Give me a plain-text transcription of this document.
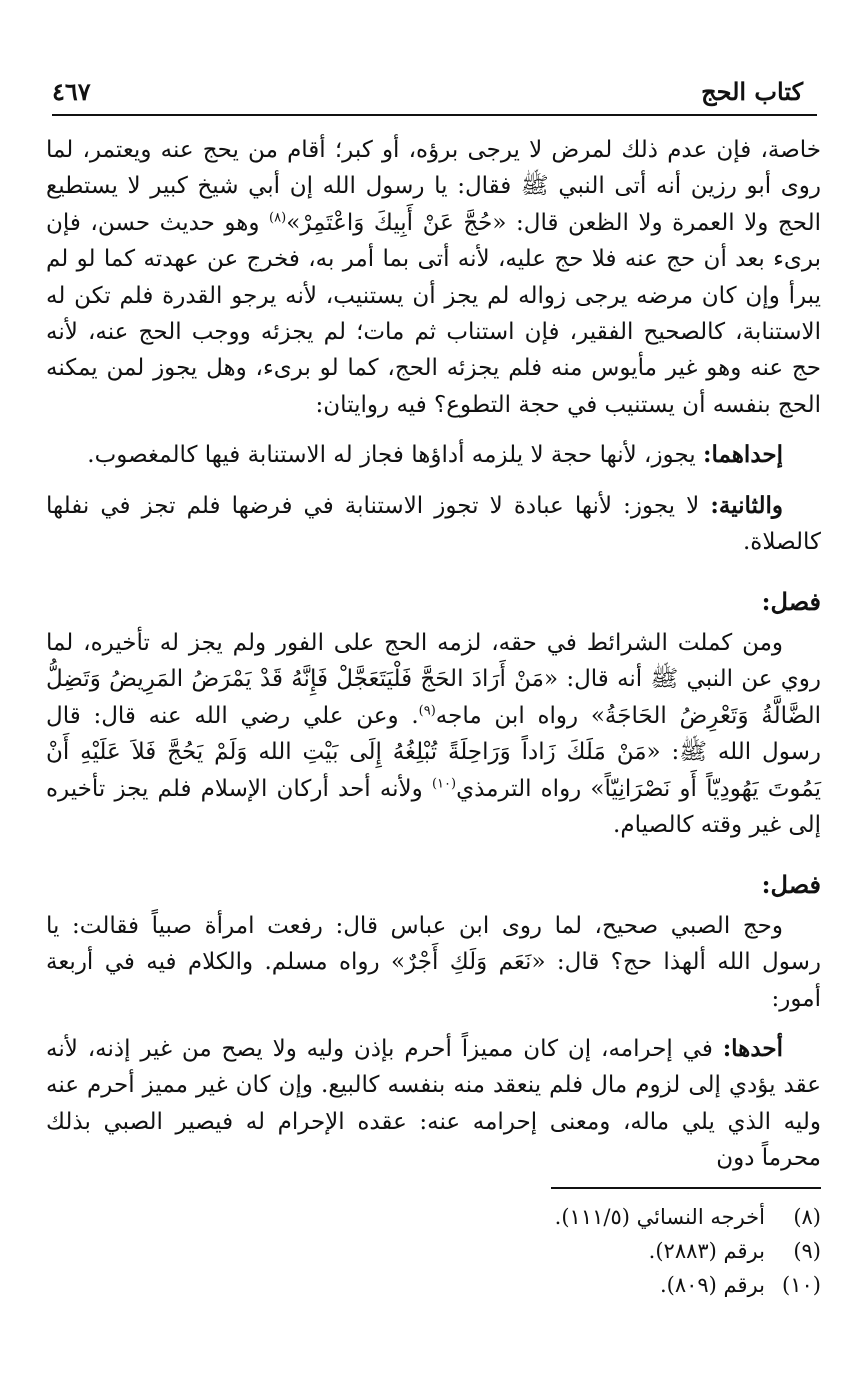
كتاب الحج
٤٦٧

خاصة، فإن عدم ذلك لمرض لا يرجى برؤه، أو كبر؛ أقام من يحج عنه ويعتمر، لما روى أبو رزين أنه أتى النبي ﷺ فقال: يا رسول الله إن أبي شيخ كبير لا يستطيع الحج ولا العمرة ولا الظعن قال: «حُجَّ عَنْ أَبِيكَ وَاعْتَمِرْ»$^{(٨)}$ وهو حديث حسن، فإن برىء بعد أن حج عنه فلا حج عليه، لأنه أتى بما أمر به، فخرج عن عهدته كما لو لم يبرأ وإن كان مرضه يرجى زواله لم يجز أن يستنيب، لأنه يرجو القدرة فلم تكن له الاستنابة، كالصحيح الفقير، فإن استناب ثم مات؛ لم يجزئه ووجب الحج عنه، لأنه حج عنه وهو غير مأيوس منه فلم يجزئه الحج، كما لو برىء، وهل يجوز لمن يمكنه الحج بنفسه أن يستنيب في حجة التطوع؟ فيه روايتان:

إحداهما: يجوز، لأنها حجة لا يلزمه أداؤها فجاز له الاستنابة فيها كالمغصوب.

والثانية: لا يجوز: لأنها عبادة لا تجوز الاستنابة في فرضها فلم تجز في نفلها كالصلاة.

فصل:

ومن كملت الشرائط في حقه، لزمه الحج على الفور ولم يجز له تأخيره، لما روي عن النبي ﷺ أنه قال: «مَنْ أَرَادَ الحَجَّ فَلْيَتَعَجَّلْ فَإِنَّهُ قَدْ يَمْرَضُ المَرِيضُ وَتَضِلُّ الضَّالَّةُ وَتَعْرِضُ الحَاجَةُ» رواه ابن ماجه$^{(٩)}$. وعن علي رضي الله عنه قال: قال رسول الله ﷺ: «مَنْ مَلَكَ زَاداً وَرَاحِلَةً تُبْلِغُهُ إِلَى بَيْتِ الله وَلَمْ يَحُجَّ فَلاَ عَلَيْهِ أَنْ يَمُوتَ يَهُودِيّاً أَو نَصْرَانِيّاً» رواه الترمذي$^{(١٠)}$ ولأنه أحد أركان الإسلام فلم يجز تأخيره إلى غير وقته كالصيام.

فصل:

وحج الصبي صحيح، لما روى ابن عباس قال: رفعت امرأة صبياً فقالت: يا رسول الله ألهذا حج؟ قال: «نَعَم وَلَكِ أَجْرٌ» رواه مسلم. والكلام فيه في أربعة أمور:

أحدها: في إحرامه، إن كان مميزاً أحرم بإذن وليه ولا يصح من غير إذنه، لأنه عقد يؤدي إلى لزوم مال فلم ينعقد منه بنفسه كالبيع. وإن كان غير مميز أحرم عنه وليه الذي يلي ماله، ومعنى إحرامه عنه: عقده الإحرام له فيصير الصبي بذلك محرماً دون

(٨)
أخرجه النسائي (١١١/٥).
(٩)
برقم (٢٨٨٣).
(١٠)
برقم (٨٠٩).
